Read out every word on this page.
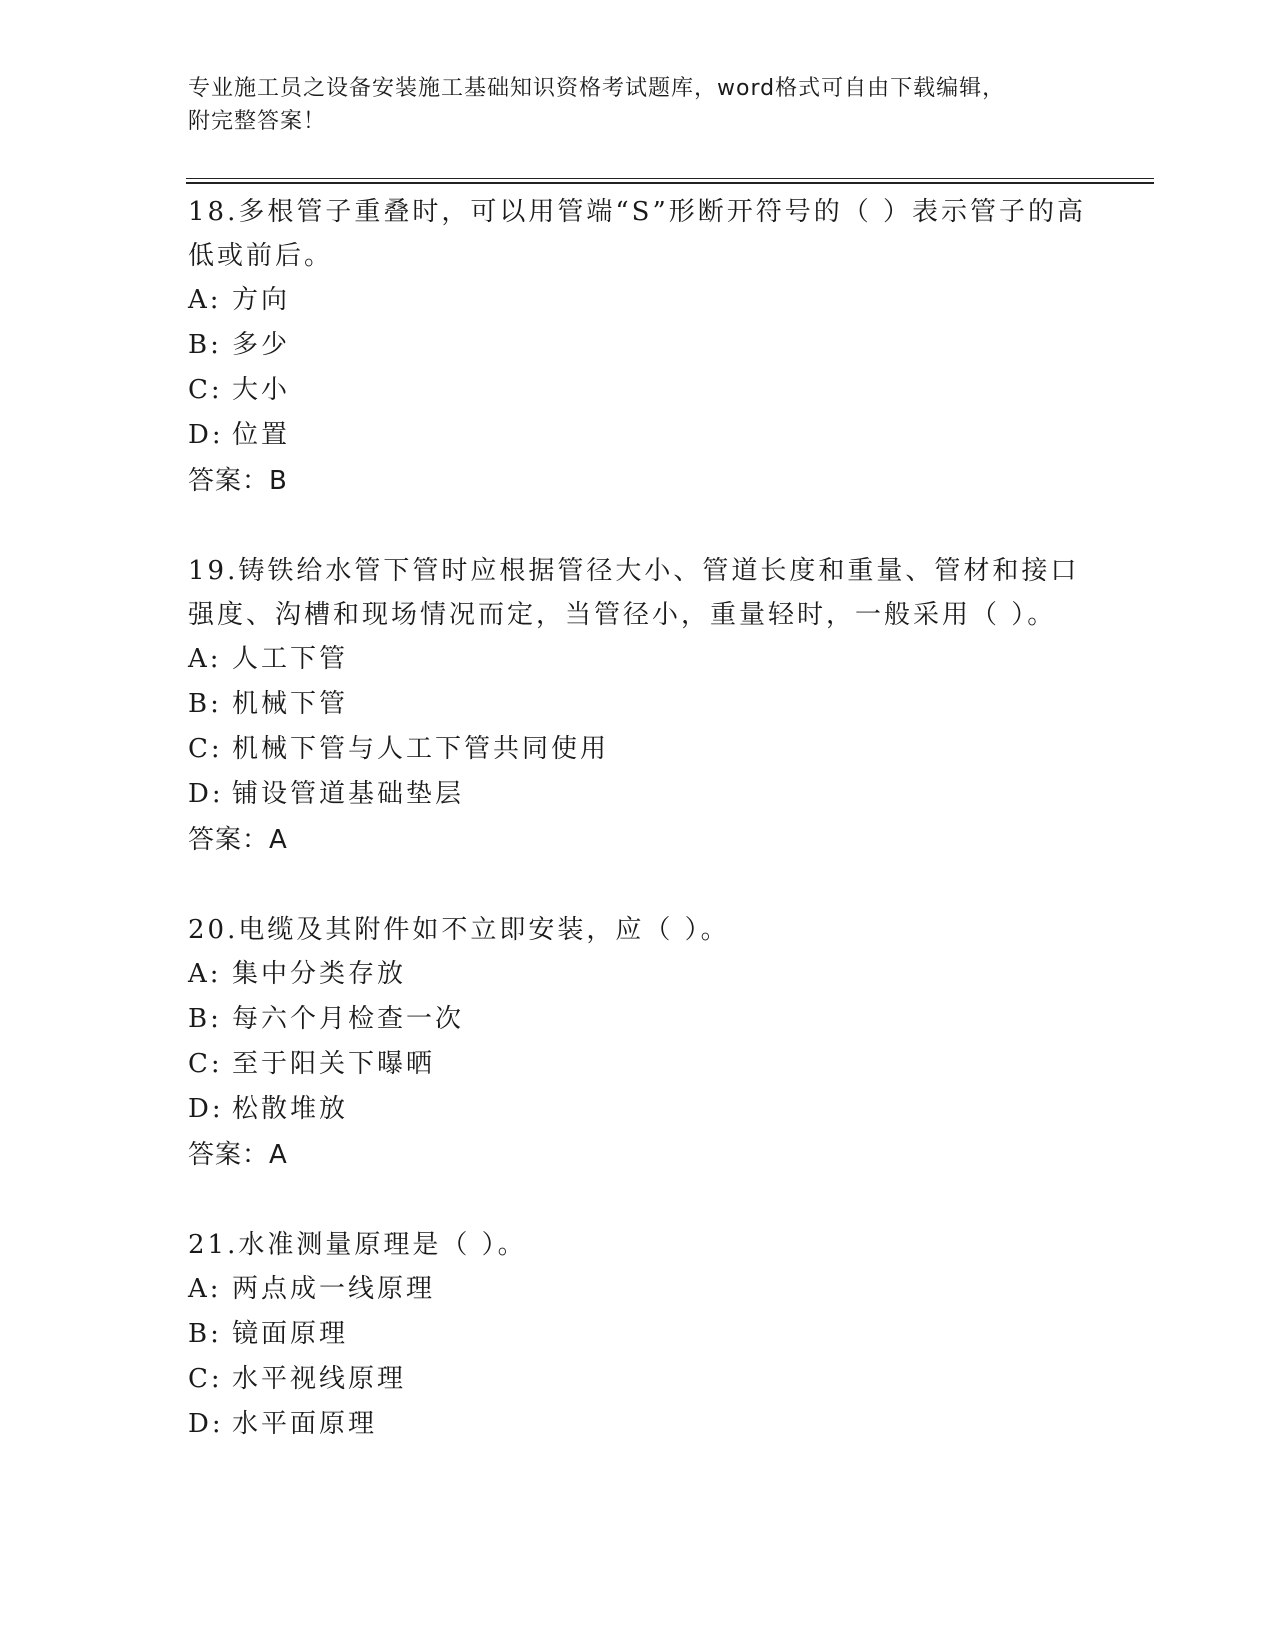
专业施工员之设备安装施工基础知识资格考试题库，word格式可自由下载编辑，
附完整答案！

18.多根管子重叠时，可以用管端“S”形断开符号的（ ）表示管子的高低或前后。

A: 方向
B: 多少
C: 大小
D: 位置
答案：B

19.铸铁给水管下管时应根据管径大小、管道长度和重量、管材和接口强度、沟槽和现场情况而定，当管径小，重量轻时，一般采用（ ）。

A: 人工下管
B: 机械下管
C: 机械下管与人工下管共同使用
D: 铺设管道基础垫层
答案：A

20.电缆及其附件如不立即安装，应（ ）。

A: 集中分类存放
B: 每六个月检查一次
C: 至于阳关下曝晒
D: 松散堆放
答案：A

21.水准测量原理是（ ）。

A: 两点成一线原理
B: 镜面原理
C: 水平视线原理
D: 水平面原理
